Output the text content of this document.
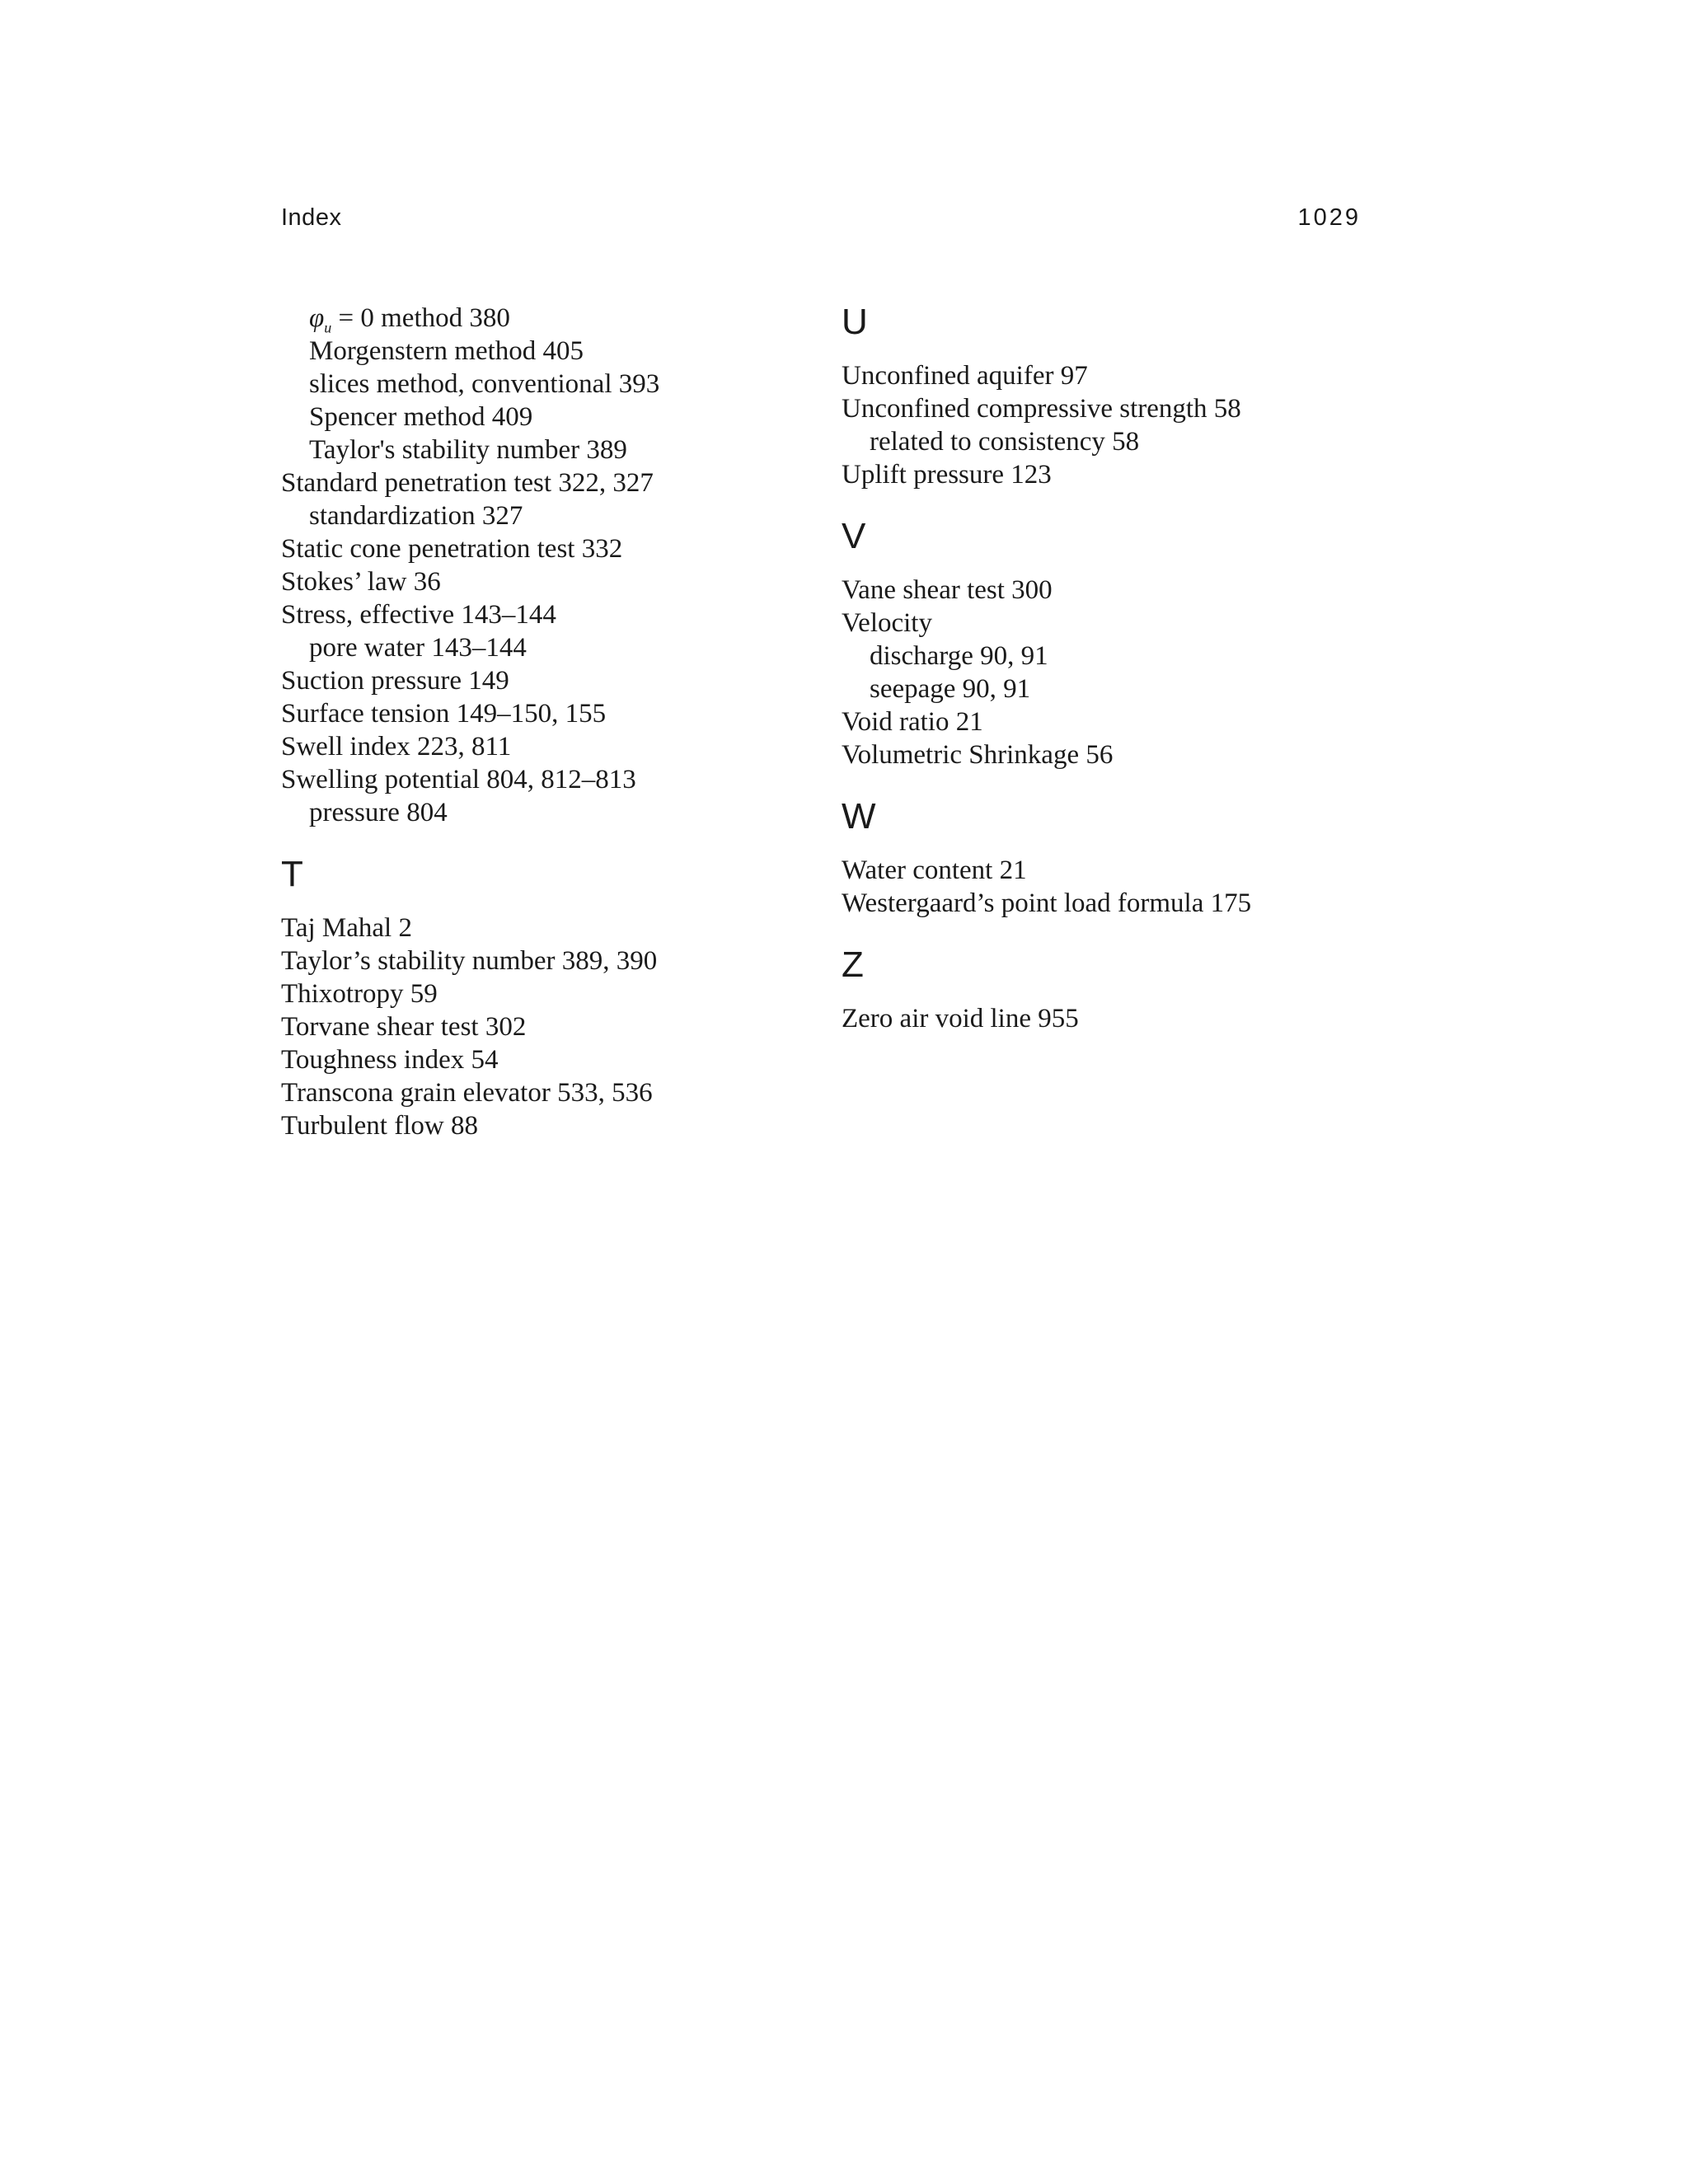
Index	1029
$\varphi_u = 0$ method 380
Morgenstern method 405
slices method, conventional 393
Spencer method 409
Taylor's stability number 389
Standard penetration test 322, 327
standardization 327
Static cone penetration test 332
Stokes’ law 36
Stress, effective 143–144
pore water 143–144
Suction pressure 149
Surface tension 149–150, 155
Swell index 223, 811
Swelling potential 804, 812–813
pressure 804
T
Taj Mahal 2
Taylor’s stability number 389, 390
Thixotropy 59
Torvane shear test 302
Toughness index 54
Transcona grain elevator 533, 536
Turbulent flow 88
U
Unconfined aquifer 97
Unconfined compressive strength 58
related to consistency 58
Uplift pressure 123
V
Vane shear test 300
Velocity
discharge 90, 91
seepage 90, 91
Void ratio 21
Volumetric Shrinkage 56
W
Water content 21
Westergaard’s point load formula 175
Z
Zero air void line 955
